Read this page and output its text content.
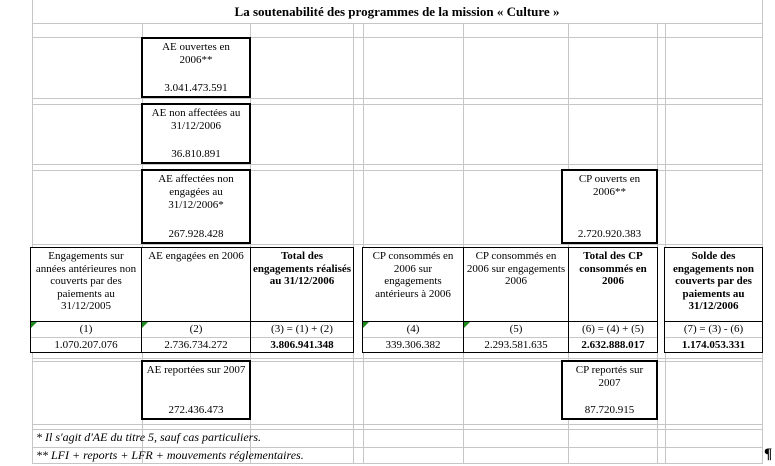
La soutenabilité des programmes de la mission « Culture »
AE ouvertes en 2006**
3.041.473.591
AE non affectées au 31/12/2006
36.810.891
AE affectées non engagées au 31/12/2006*
267.928.428
CP ouverts en 2006**
2.720.920.383
Engagements sur années antérieures non couverts par des paiements au 31/12/2005
(1)
1.070.207.076
AE engagées en 2006
(2)
2.736.734.272
Total des engagements réalisés au 31/12/2006
(3) = (1) + (2)
3.806.941.348
CP consommés en 2006 sur engagements antérieurs à 2006
(4)
339.306.382
CP consommés en 2006 sur engagements 2006
(5)
2.293.581.635
Total des CP consommés en 2006
(6) = (4) + (5)
2.632.888.017
Solde des engagements non couverts par des paiements au 31/12/2006
(7) = (3) - (6)
1.174.053.331
AE reportées sur 2007
272.436.473
CP reportés sur 2007
87.720.915
* Il s'agit d'AE du titre 5, sauf cas particuliers.
** LFI + reports + LFR + mouvements réglementaires.	¶
